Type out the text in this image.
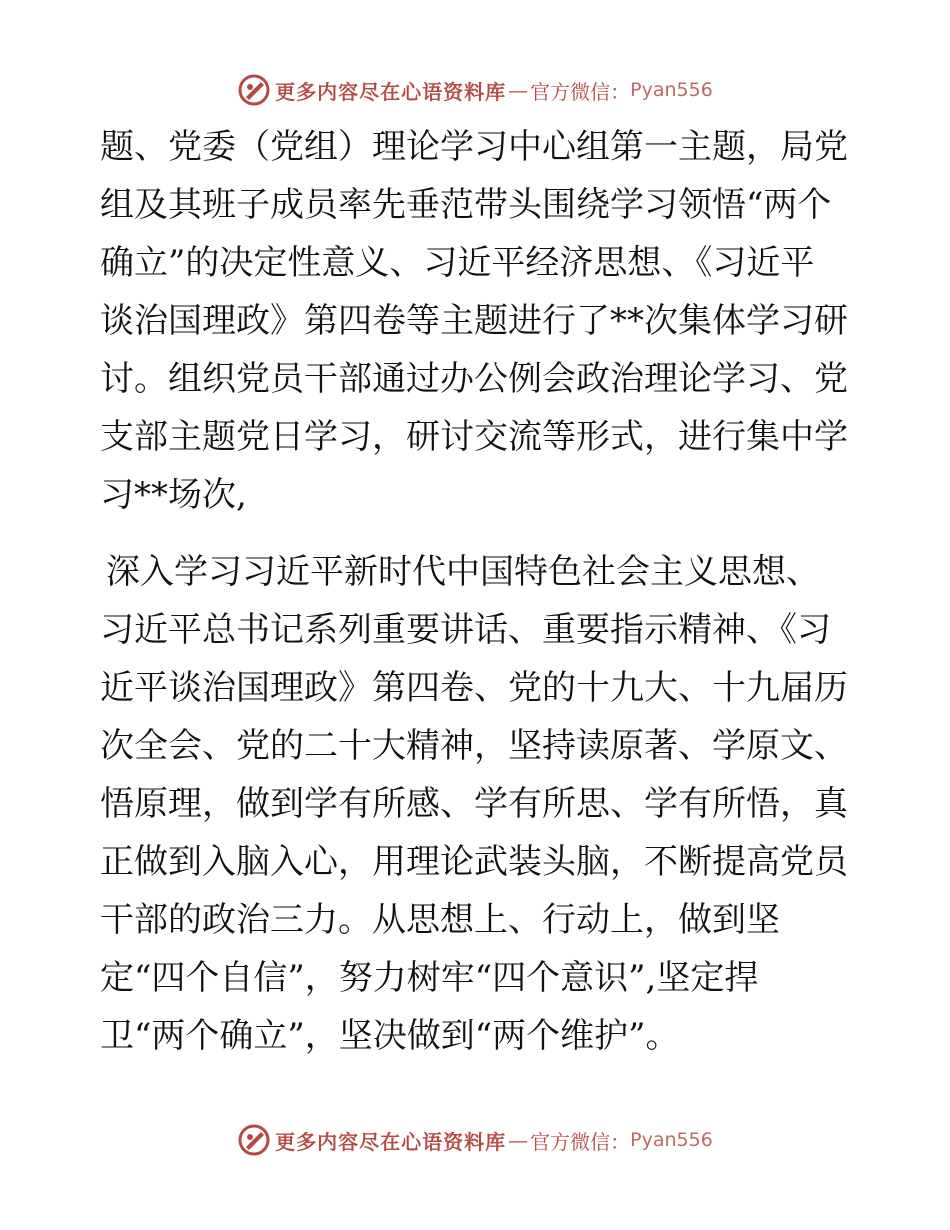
更多内容尽在心语资料库 — 官方微信： Pyan556
题、党委（党组）理论学习中心组第一主题，局党
组及其班子成员率先垂范带头围绕学习领悟“两个
确立”的决定性意义、习近平经济思想、《习近平
谈治国理政》第四卷等主题进行了**次集体学习研
讨。组织党员干部通过办公例会政治理论学习、党
支部主题党日学习，研讨交流等形式，进行集中学
习**场次,
深入学习习近平新时代中国特色社会主义思想、
习近平总书记系列重要讲话、重要指示精神、《习
近平谈治国理政》第四卷、党的十九大、十九届历
次全会、党的二十大精神，坚持读原著、学原文、
悟原理，做到学有所感、学有所思、学有所悟，真
正做到入脑入心，用理论武装头脑，不断提高党员
干部的政治三力。从思想上、行动上，做到坚
定“四个自信”，努力树牢“四个意识”,坚定捍
卫“两个确立”，坚决做到“两个维护”。
更多内容尽在心语资料库 — 官方微信： Pyan556
